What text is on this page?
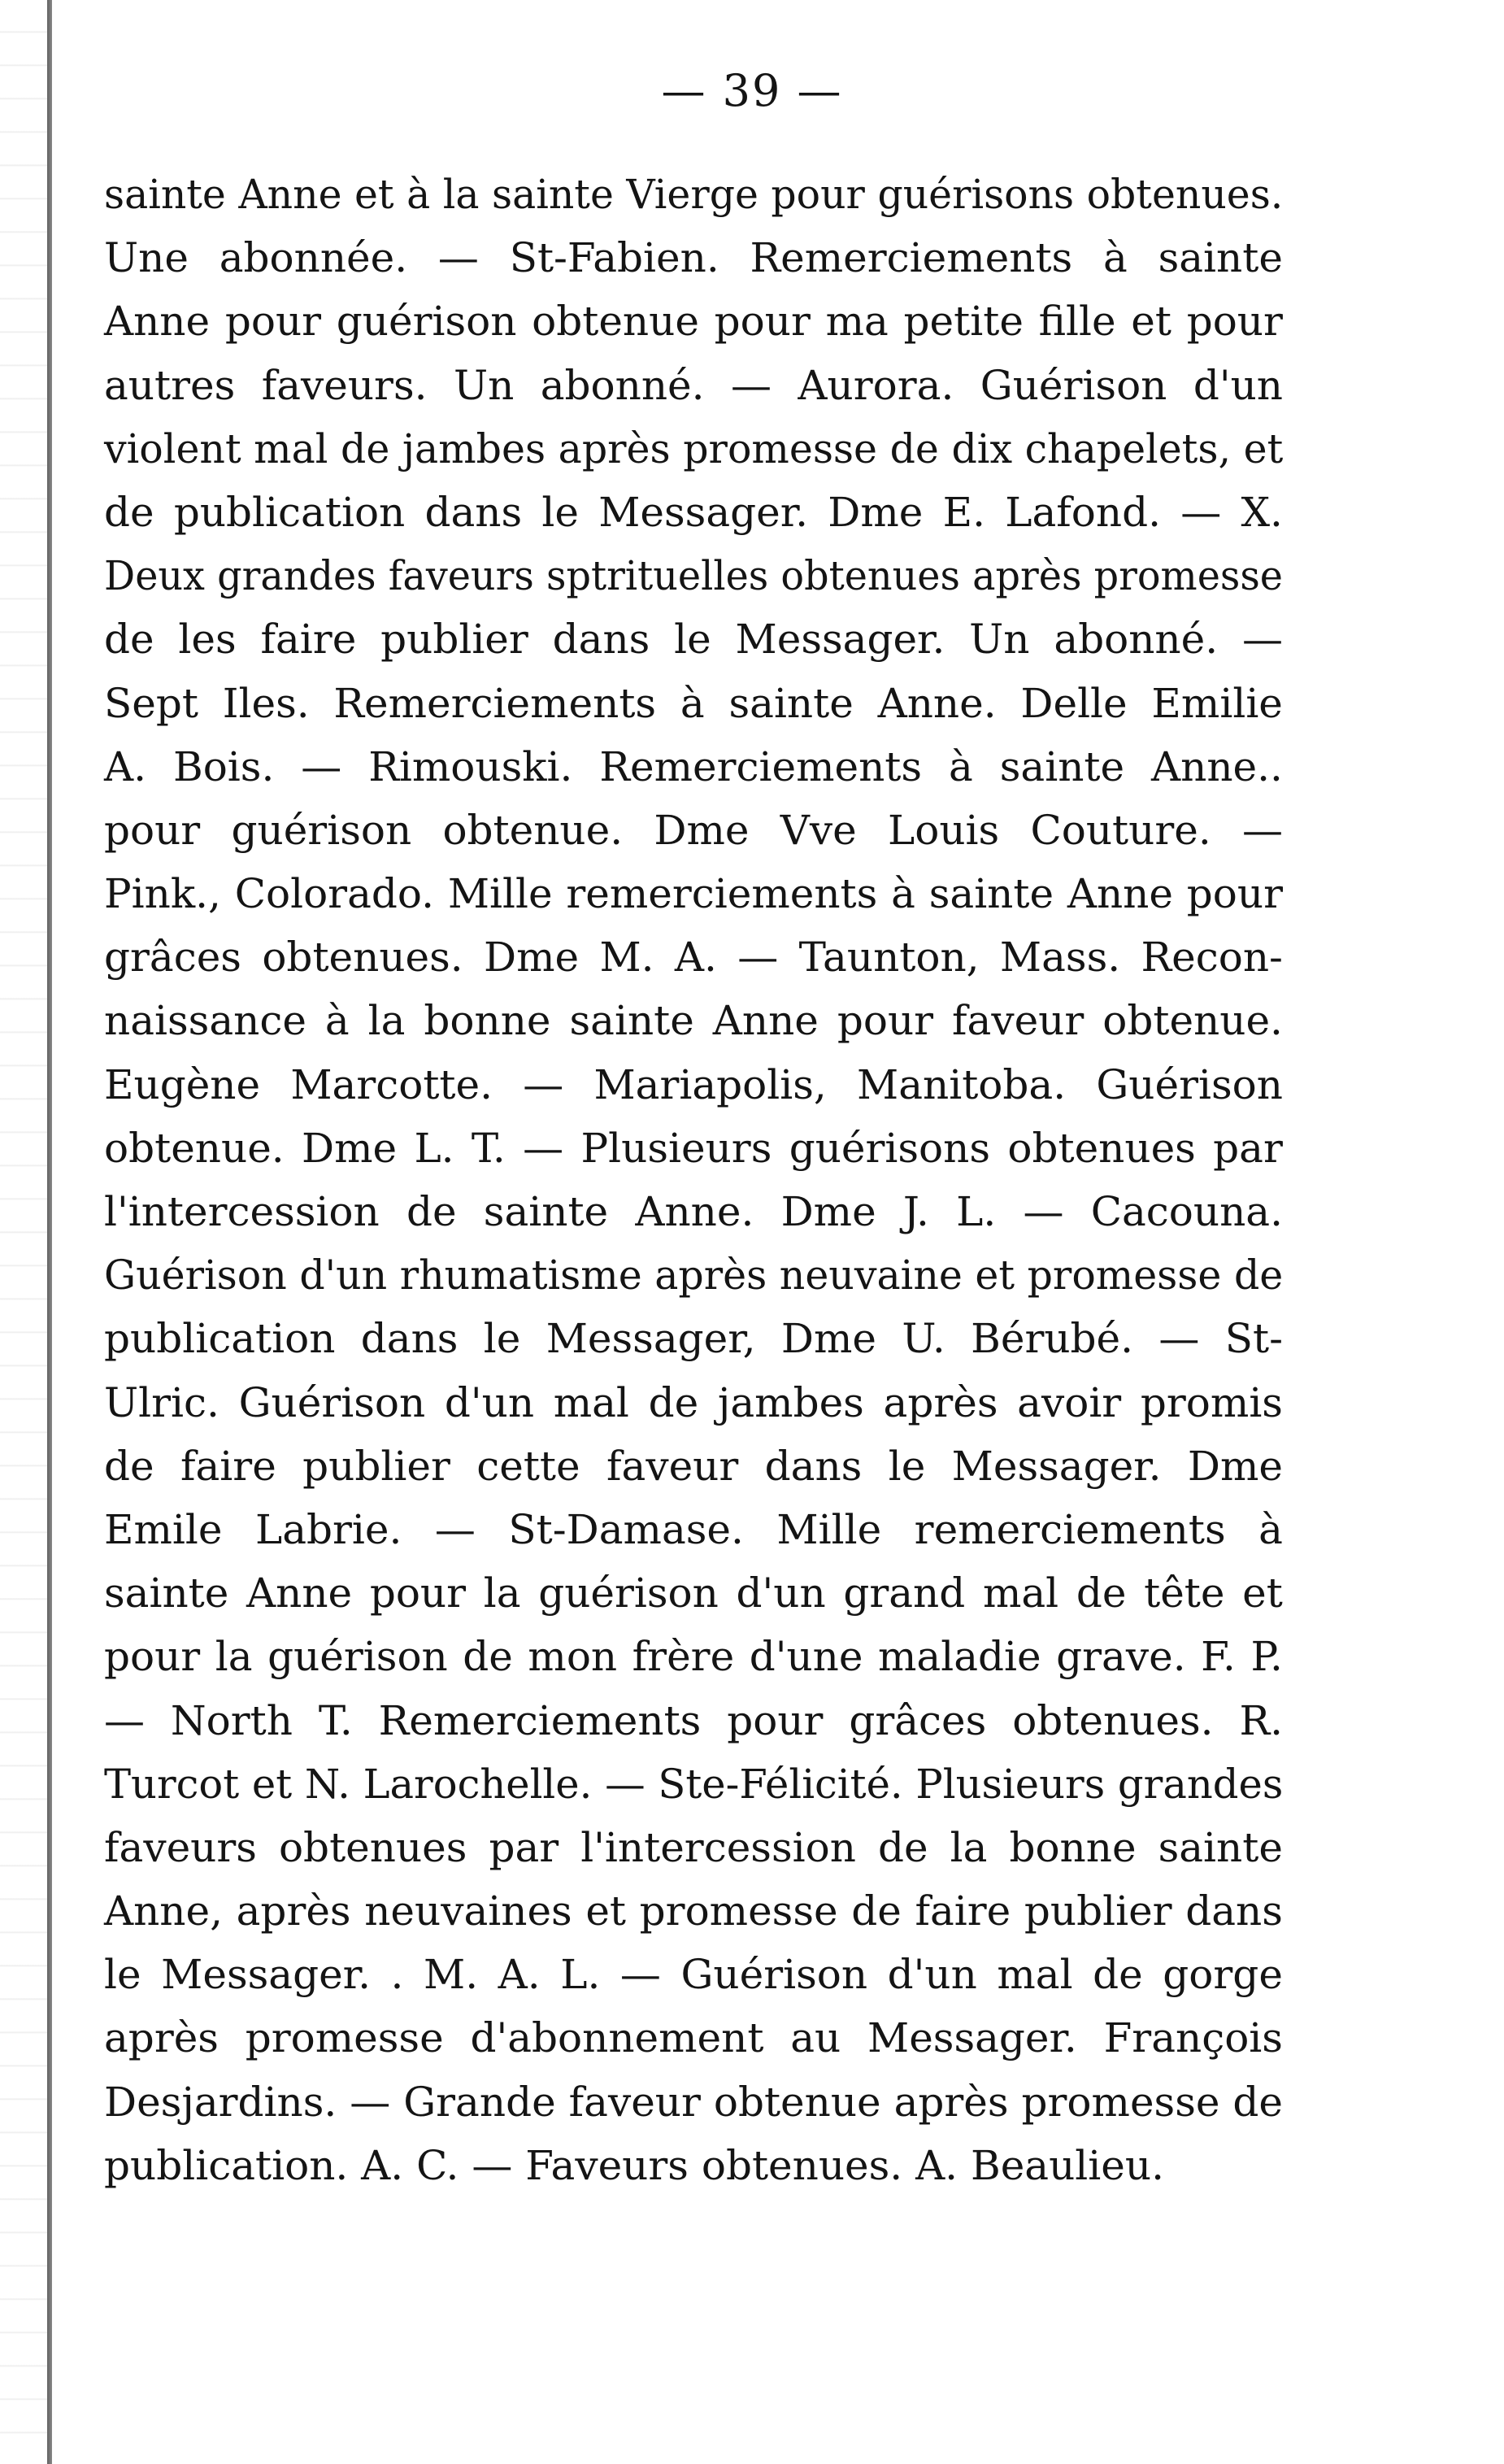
— 39 —
sainte Anne et à la sainte Vierge pour guérisons obtenues.
Une abonnée. — St-Fabien. Remerciements à sainte
Anne pour guérison obtenue pour ma petite fille et pour
autres faveurs. Un abonné. — Aurora. Guérison d'un
violent mal de jambes après promesse de dix chapelets, et
de publication dans le Messager. Dme E. Lafond. — X.
Deux grandes faveurs sptrituelles obtenues après promesse
de les faire publier dans le Messager. Un abonné. —
Sept Iles. Remerciements à sainte Anne. Delle Emilie
A. Bois. — Rimouski. Remerciements à sainte Anne..
pour guérison obtenue. Dme Vve Louis Couture. —
Pink., Colorado. Mille remerciements à sainte Anne pour
grâces obtenues. Dme M. A. — Taunton, Mass. Recon-
naissance à la bonne sainte Anne pour faveur obtenue.
Eugène Marcotte. — Mariapolis, Manitoba. Guérison
obtenue. Dme L. T. — Plusieurs guérisons obtenues par
l'intercession de sainte Anne. Dme J. L. — Cacouna.
Guérison d'un rhumatisme après neuvaine et promesse de
publication dans le Messager, Dme U. Bérubé. — St-
Ulric. Guérison d'un mal de jambes après avoir promis
de faire publier cette faveur dans le Messager. Dme
Emile Labrie. — St-Damase. Mille remerciements à
sainte Anne pour la guérison d'un grand mal de tête et
pour la guérison de mon frère d'une maladie grave. F. P.
— North T. Remerciements pour grâces obtenues. R.
Turcot et N. Larochelle. — Ste-Félicité. Plusieurs grandes
faveurs obtenues par l'intercession de la bonne sainte
Anne, après neuvaines et promesse de faire publier dans
le Messager. . M. A. L. — Guérison d'un mal de gorge
après promesse d'abonnement au Messager. François
Desjardins. — Grande faveur obtenue après promesse de
publication. A. C. — Faveurs obtenues. A. Beaulieu.
